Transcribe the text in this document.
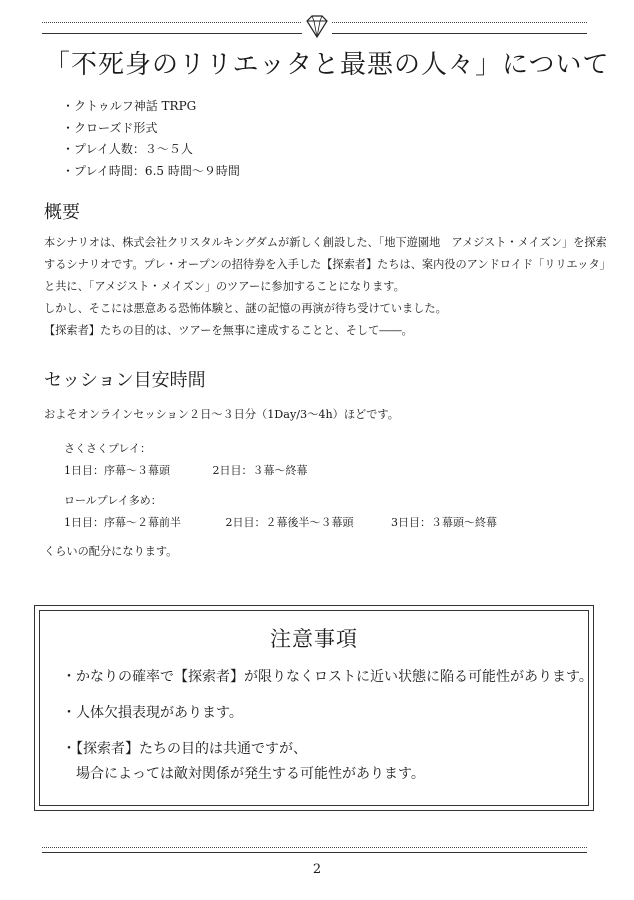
「不死身のリリエッタと最悪の人々」について
・ クトゥルフ神話 TRPG
・ クローズド形式
・ プレイ人数：３～５人
・ プレイ時間：6.5 時間～９時間
概要
本シナリオは、株式会社クリスタルキングダムが新しく創設した、「地下遊園地　アメジスト・メイズン」を探索
するシナリオです。プレ・オープンの招待券を入手した【探索者】たちは、案内役のアンドロイド「リリエッタ」
と共に、「アメジスト・メイズン」のツアーに参加することになります。
しかし、そこには悪意ある恐怖体験と、謎の記憶の再演が待ち受けていました。
【探索者】たちの目的は、ツアーを無事に達成することと、そして――。
セッション目安時間
およそオンラインセッション２日～３日分（1Day/3～4h）ほどです。
さくさくプレイ：
1日目：序幕～３幕頭	2日目：３幕～終幕
ロールプレイ多め：
1日目：序幕～２幕前半	2日目：２幕後半～３幕頭	3日目：３幕頭～終幕
くらいの配分になります。
注意事項
・かなりの確率で【探索者】が限りなくロストに近い状態に陥る可能性があります。
・人体欠損表現があります。
・【探索者】たちの目的は共通ですが、
　場合によっては敵対関係が発生する可能性があります。
2
